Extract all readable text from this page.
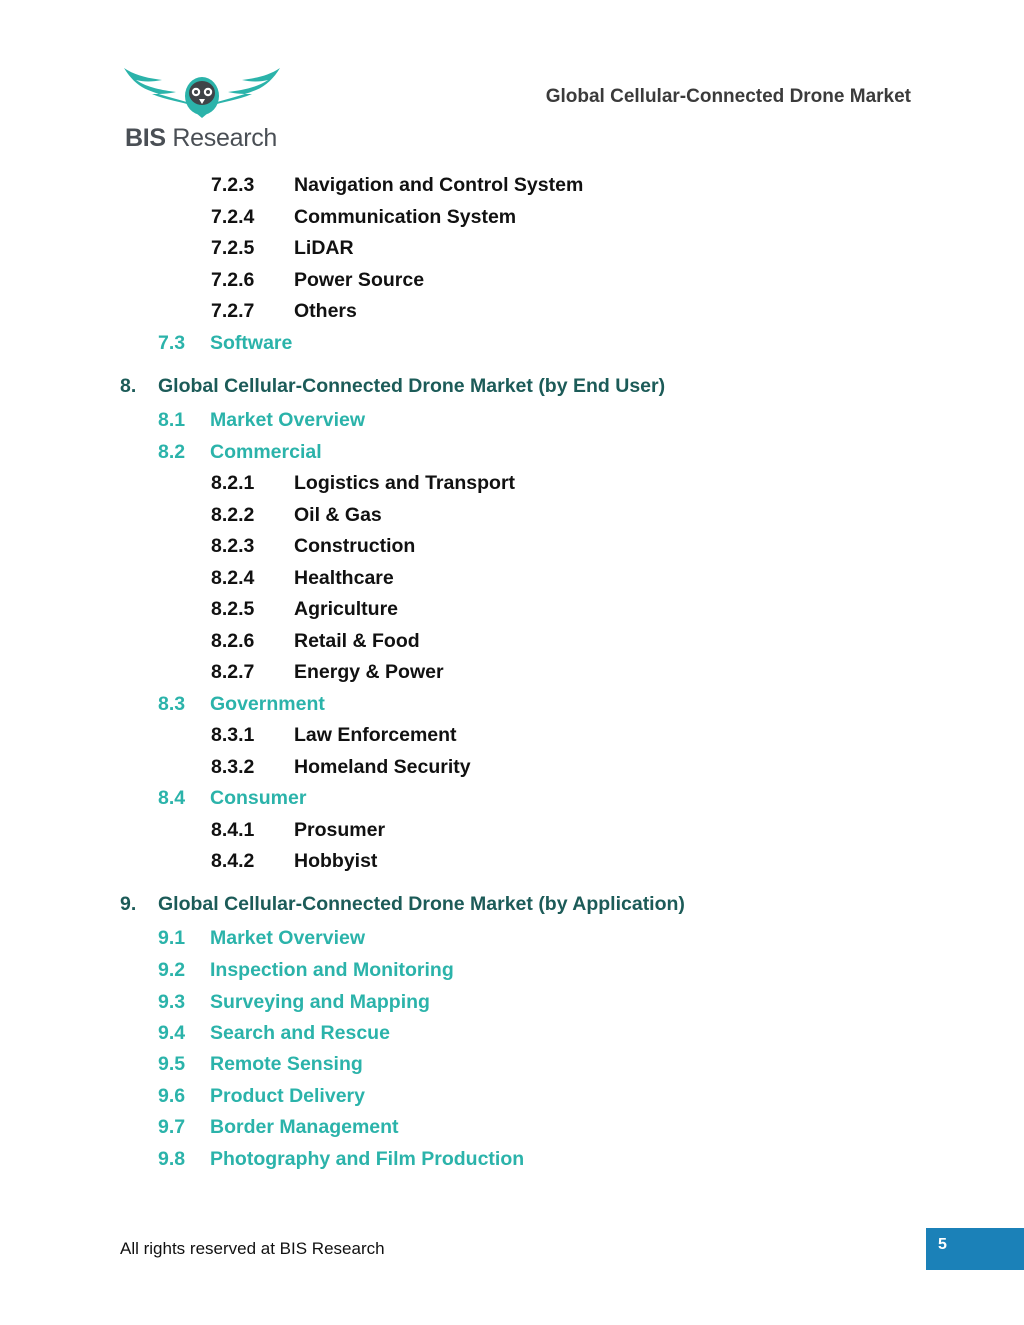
BIS Research
Global Cellular-Connected Drone Market
7.2.3 Navigation and Control System
7.2.4 Communication System
7.2.5 LiDAR
7.2.6 Power Source
7.2.7 Others
7.3 Software
8. Global Cellular-Connected Drone Market (by End User)
8.1 Market Overview
8.2 Commercial
8.2.1 Logistics and Transport
8.2.2 Oil & Gas
8.2.3 Construction
8.2.4 Healthcare
8.2.5 Agriculture
8.2.6 Retail & Food
8.2.7 Energy & Power
8.3 Government
8.3.1 Law Enforcement
8.3.2 Homeland Security
8.4 Consumer
8.4.1 Prosumer
8.4.2 Hobbyist
9. Global Cellular-Connected Drone Market (by Application)
9.1 Market Overview
9.2 Inspection and Monitoring
9.3 Surveying and Mapping
9.4 Search and Rescue
9.5 Remote Sensing
9.6 Product Delivery
9.7 Border Management
9.8 Photography and Film Production
All rights reserved at BIS Research	5
